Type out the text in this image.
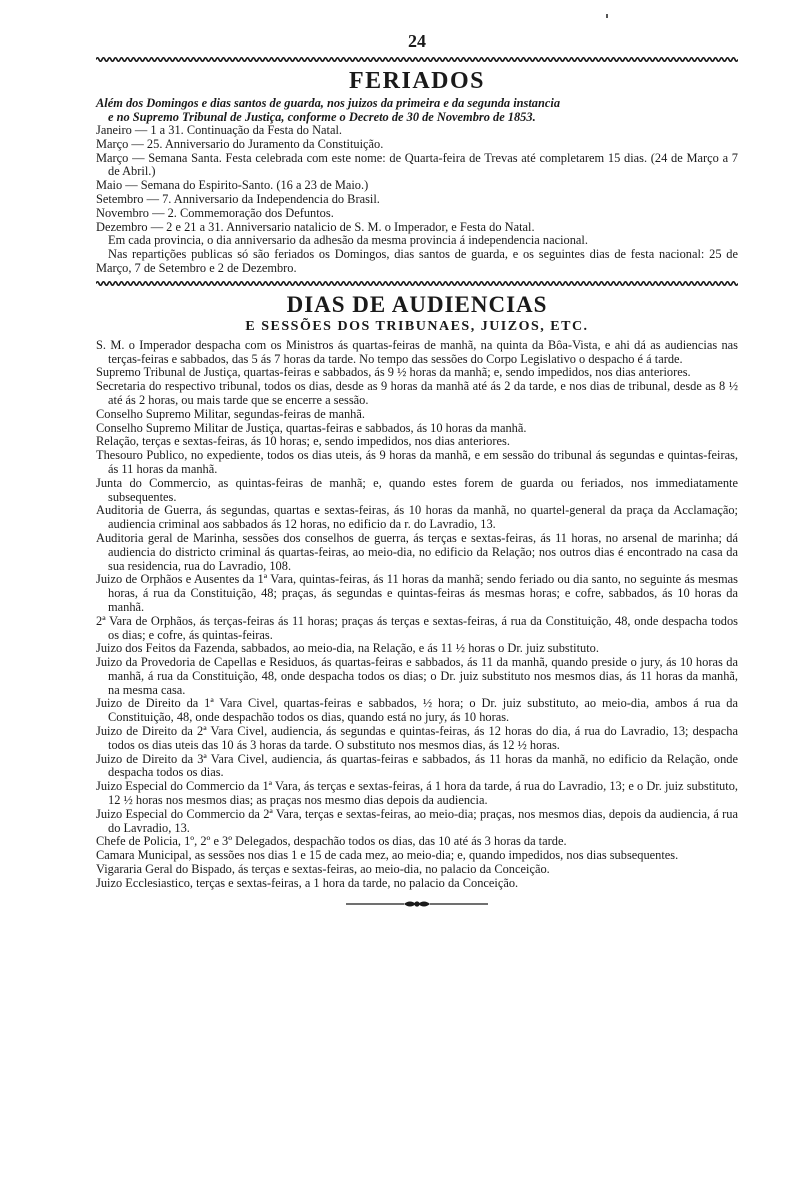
24
FERIADOS

Além dos Domingos e dias santos de guarda, nos juizos da primeira e da segunda instancia
e no Supremo Tribunal de Justiça, conforme o Decreto de 30 de Novembro de 1853.

Janeiro — 1 a 31. Continuação da Festa do Natal.

Março — 25. Anniversario do Juramento da Constituição.

Março — Semana Santa. Festa celebrada com este nome: de Quarta-feira de Trevas até completarem 15 dias. (24 de Março a 7 de Abril.)

Maio — Semana do Espirito-Santo. (16 a 23 de Maio.)

Setembro — 7. Anniversario da Independencia do Brasil.

Novembro — 2. Commemoração dos Defuntos.

Dezembro — 2 e 21 a 31. Anniversario natalicio de S. M. o Imperador, e Festa do Natal.

Em cada provincia, o dia anniversario da adhesão da mesma provincia á independencia nacional.

Nas repartições publicas só são feriados os Domingos, dias santos de guarda, e os seguintes dias de festa nacional: 25 de Março, 7 de Setembro e 2 de Dezembro.

DIAS DE AUDIENCIAS
E SESSÕES DOS TRIBUNAES, JUIZOS, ETC.

S. M. o Imperador despacha com os Ministros ás quartas-feiras de manhã, na quinta da Bôa-Vista, e ahi dá as audiencias nas terças-feiras e sabbados, das 5 ás 7 horas da tarde. No tempo das sessões do Corpo Legislativo o despacho é á tarde.

Supremo Tribunal de Justiça, quartas-feiras e sabbados, ás 9 ½ horas da manhã; e, sendo impedidos, nos dias anteriores.

Secretaria do respectivo tribunal, todos os dias, desde as 9 horas da manhã até ás 2 da tarde, e nos dias de tribunal, desde as 8 ½ até ás 2 horas, ou mais tarde que se encerre a sessão.

Conselho Supremo Militar, segundas-feiras de manhã.

Conselho Supremo Militar de Justiça, quartas-feiras e sabbados, ás 10 horas da manhã.

Relação, terças e sextas-feiras, ás 10 horas; e, sendo impedidos, nos dias anteriores.

Thesouro Publico, no expediente, todos os dias uteis, ás 9 horas da manhã, e em sessão do tribunal ás segundas e quintas-feiras, ás 11 horas da manhã.

Junta do Commercio, as quintas-feiras de manhã; e, quando estes forem de guarda ou feriados, nos immediatamente subsequentes.

Auditoria de Guerra, ás segundas, quartas e sextas-feiras, ás 10 horas da manhã, no quartel-general da praça da Acclamação; audiencia criminal aos sabbados ás 12 horas, no edificio da r. do Lavradio, 13.

Auditoria geral de Marinha, sessões dos conselhos de guerra, ás terças e sextas-feiras, ás 11 horas, no arsenal de marinha; dá audiencia do districto criminal ás quartas-feiras, ao meio-dia, no edificio da Relação; nos outros dias é encontrado na casa da sua residencia, rua do Lavradio, 108.

Juizo de Orphãos e Ausentes da 1ª Vara, quintas-feiras, ás 11 horas da manhã; sendo feriado ou dia santo, no seguinte ás mesmas horas, á rua da Constituição, 48; praças, ás segundas e quintas-feiras ás mesmas horas; e cofre, sabbados, ás 10 horas da manhã.

2ª Vara de Orphãos, ás terças-feiras ás 11 horas; praças ás terças e sextas-feiras, á rua da Constituição, 48, onde despacha todos os dias; e cofre, ás quintas-feiras.

Juizo dos Feitos da Fazenda, sabbados, ao meio-dia, na Relação, e ás 11 ½ horas o Dr. juiz substituto.

Juizo da Provedoria de Capellas e Residuos, ás quartas-feiras e sabbados, ás 11 da manhã, quando preside o jury, ás 10 horas da manhã, á rua da Constituição, 48, onde despacha todos os dias; o Dr. juiz substituto nos mesmos dias, ás 11 horas da manhã, na mesma casa.

Juizo de Direito da 1ª Vara Civel, quartas-feiras e sabbados, ½ hora; o Dr. juiz substituto, ao meio-dia, ambos á rua da Constituição, 48, onde despachão todos os dias, quando está no jury, ás 10 horas.

Juizo de Direito da 2ª Vara Civel, audiencia, ás segundas e quintas-feiras, ás 12 horas do dia, á rua do Lavradio, 13; despacha todos os dias uteis das 10 ás 3 horas da tarde. O substituto nos mesmos dias, ás 12 ½ horas.

Juizo de Direito da 3ª Vara Civel, audiencia, ás quartas-feiras e sabbados, ás 11 horas da manhã, no edificio da Relação, onde despacha todos os dias.

Juizo Especial do Commercio da 1ª Vara, ás terças e sextas-feiras, á 1 hora da tarde, á rua do Lavradio, 13; e o Dr. juiz substituto, 12 ½ horas nos mesmos dias; as praças nos mesmo dias depois da audiencia.

Juizo Especial do Commercio da 2ª Vara, terças e sextas-feiras, ao meio-dia; praças, nos mesmos dias, depois da audiencia, á rua do Lavradio, 13.

Chefe de Policia, 1º, 2º e 3º Delegados, despachão todos os dias, das 10 até ás 3 horas da tarde.

Camara Municipal, as sessões nos dias 1 e 15 de cada mez, ao meio-dia; e, quando impedidos, nos dias subsequentes.

Vigararia Geral do Bispado, ás terças e sextas-feiras, ao meio-dia, no palacio da Conceição.

Juizo Ecclesiastico, terças e sextas-feiras, a 1 hora da tarde, no palacio da Conceição.
